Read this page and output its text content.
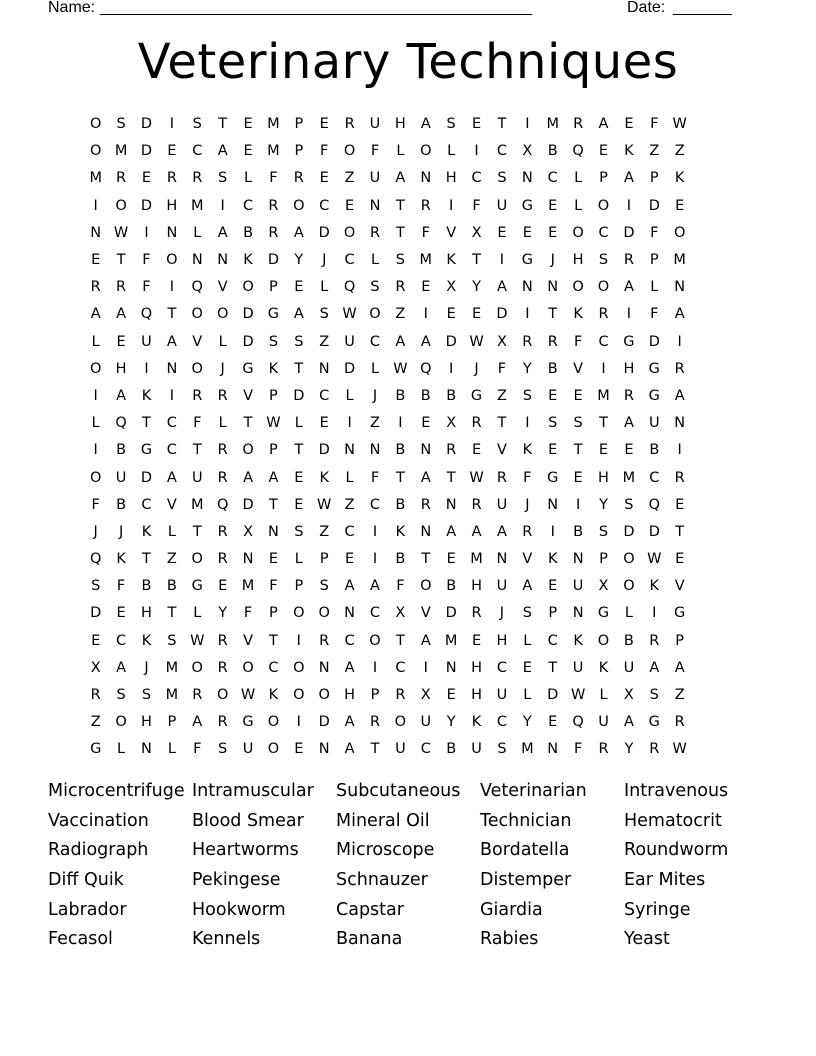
Name: ____________________________________________________	Date: _______
Veterinary Techniques
O	S	D	I	S	T	E	M	P	E	R	U	H	A	S	E	T	I	M R	A	E	F W
O M D	E	C	A	E	M	P	F	O	F	L	O	L	I	C	X	B	Q	E	K	Z	Z
M R	E	R	R	S	L	F	R	E	Z	U	A	N	H	C	S	N	C	L	P	A	P	K
I	O D H M	I	C	R	O	C	E	N	T	R	I	F	U G	E	L	O	I	D	E
N W	I	N	L	A	B	R	A	D O	R	T	F	V	X	E	E	E	O	C	D	F	O
E	T	F	O N	N	K	D	Y	J	C	L	S	M K	T	I	G	J	H	S	R	P	M
R	R	F	I	Q	V	O	P	E	L	Q	S	R	E	X	Y	A	N	N O O	A	L	N
A	A	Q	T	O O D G	A	S W O	Z	I	E	E	D	I	T	K	R	I	F	A
L	E	U	A	V	L	D	S	S	Z	U	C	A	A	D W X	R	R	F	C	G D	I
O H	I	N O	J	G	K	T	N D	L W Q	I	J	F	Y	B	V	I	H G	R
I	A	K	I	R	R	V	P	D	C	L	J	B	B	B	G	Z	S	E	E	M R	G	A
L	Q	T	C	F	L	T W L	E	I	Z	I	E	X	R	T	I	S	S	T	A	U	N
I	B	G	C	T	R	O	P	T	D N	N	B	N	R	E	V	K	E	T	E	E	B	I
O U	D	A	U	R	A	A	E	K	L	F	T	A	T W R	F	G	E	H M C	R
F	B	C	V M Q D	T	E W Z	C	B	R	N	R	U	J	N	I	Y	S	Q	E
J	J	K	L	T	R	X	N	S	Z	C	I	K	N	A	A	A	R	I	B	S	D D	T
Q	K	T	Z	O	R	N	E	L	P	E	I	B	T	E	M N	V	K	N	P	O W E
S	F	B	B	G	E	M	F	P	S	A	A	F	O	B	H	U	A	E	U	X	O	K	V
D	E	H	T	L	Y	F	P	O O N	C	X	V	D	R	J	S	P	N G	L	I	G
E	C	K	S W R	V	T	I	R	C	O	T	A M	E	H	L	C	K	O	B	R	P
X	A	J	M O	R	O	C	O N	A	I	C	I	N	H	C	E	T	U	K	U	A	A
R	S	S	M R	O W K	O O H	P	R	X	E	H	U	L	D W L	X	S	Z
Z	O H	P	A	R	G O	I	D	A	R	O U	Y	K	C	Y	E	Q U	A	G	R
G	L	N	L	F	S	U O	E	N	A	T	U	C	B	U	S	M N	F	R	Y	R W
Microcentrifuge Intramuscular	Subcutaneous	Veterinarian	Intravenous
Vaccination	Blood Smear	Mineral Oil	Technician	Hematocrit
Radiograph	Heartworms	Microscope	Bordatella	Roundworm
Diff Quik	Pekingese	Schnauzer	Distemper	Ear Mites
Labrador	Hookworm	Capstar	Giardia	Syringe
Fecasol	Kennels	Banana	Rabies	Yeast
